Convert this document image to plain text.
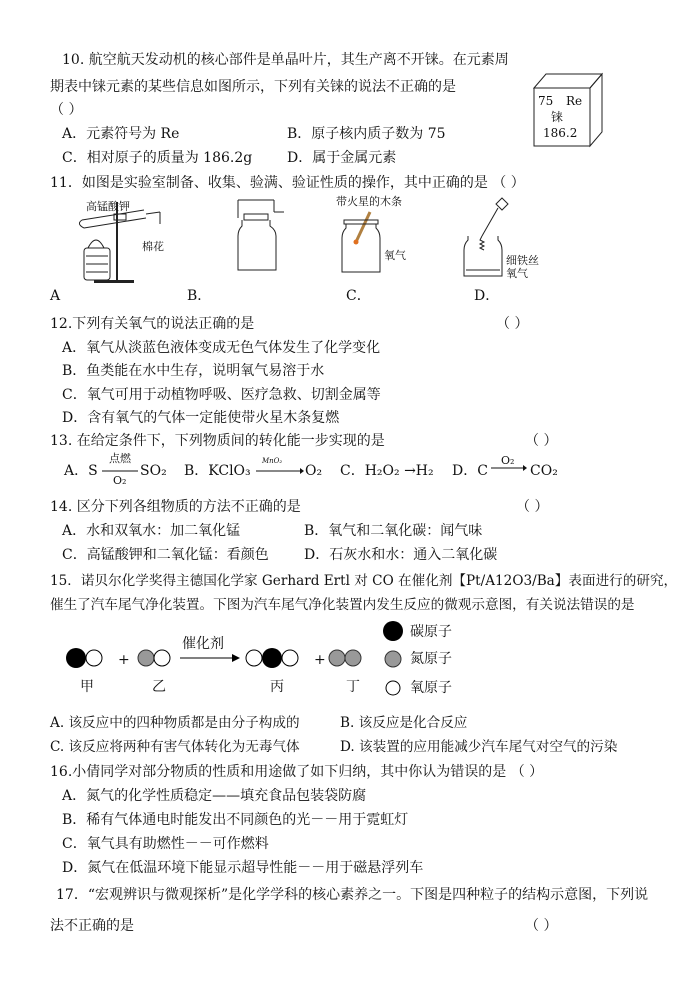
10. 航空航天发动机的核心部件是单晶叶片，其生产离不开铼。在元素周
期表中铼元素的某些信息如图所示，下列有关铼的说法不正确的是
（ ）
A．元素符号为 Re	B．原子核内质子数为 75
C．相对原子的质量为 186.2g D．属于金属元素
75 Re
铼
186.2
11．如图是实验室制备、收集、验满、验证性质的操作，其中正确的是 （ ）
高锰酸钾
棉花
带火星的木条
氧气	细铁丝
氧气
A	B．	C．	D．
12.下列有关氧气的说法正确的是	（ ）
A．氧气从淡蓝色液体变成无色气体发生了化学变化
B．鱼类能在水中生存，说明氧气易溶于水
C．氧气可用于动植物呼吸、医疗急救、切割金属等
D．含有氧气的气体一定能使带火星木条复燃
13. 在给定条件下，下列物质间的转化能一步实现的是	（ ）
A．S
点燃
O₂
SO₂ B．KClO₃
MnO₂
O₂ C．H₂O₂ →H₂ D．C
O₂
CO₂
14. 区分下列各组物质的方法不正确的是	（ ）
A．水和双氧水：加二氧化锰	B．氧气和二氧化碳：闻气味
C．高锰酸钾和二氧化锰：看颜色	D．石灰水和水：通入二氧化碳
15．诺贝尔化学奖得主德国化学家 Gerhard Ertl 对 CO 在催化剂【Pt/A12O3/Ba】表面进行的研究，
催生了汽车尾气净化装置。下图为汽车尾气净化装置内发生反应的微观示意图，有关说法错误的是
+	+
催化剂
甲	乙	丙	丁
碳原子
氮原子
氧原子
A. 该反应中的四种物质都是由分子构成的	B. 该反应是化合反应
C. 该反应将两种有害气体转化为无毒气体	D. 该装置的应用能减少汽车尾气对空气的污染
16.小倩同学对部分物质的性质和用途做了如下归纳，其中你认为错误的是 （ ）
A．氮气的化学性质稳定——填充食品包装袋防腐
B．稀有气体通电时能发出不同颜色的光－－用于霓虹灯
C．氧气具有助燃性－－可作燃料
D．氮气在低温环境下能显示超导性能－－用于磁悬浮列车
17．“宏观辨识与微观探析”是化学学科的核心素养之一。下图是四种粒子的结构示意图，下列说
法不正确的是	（ ）
